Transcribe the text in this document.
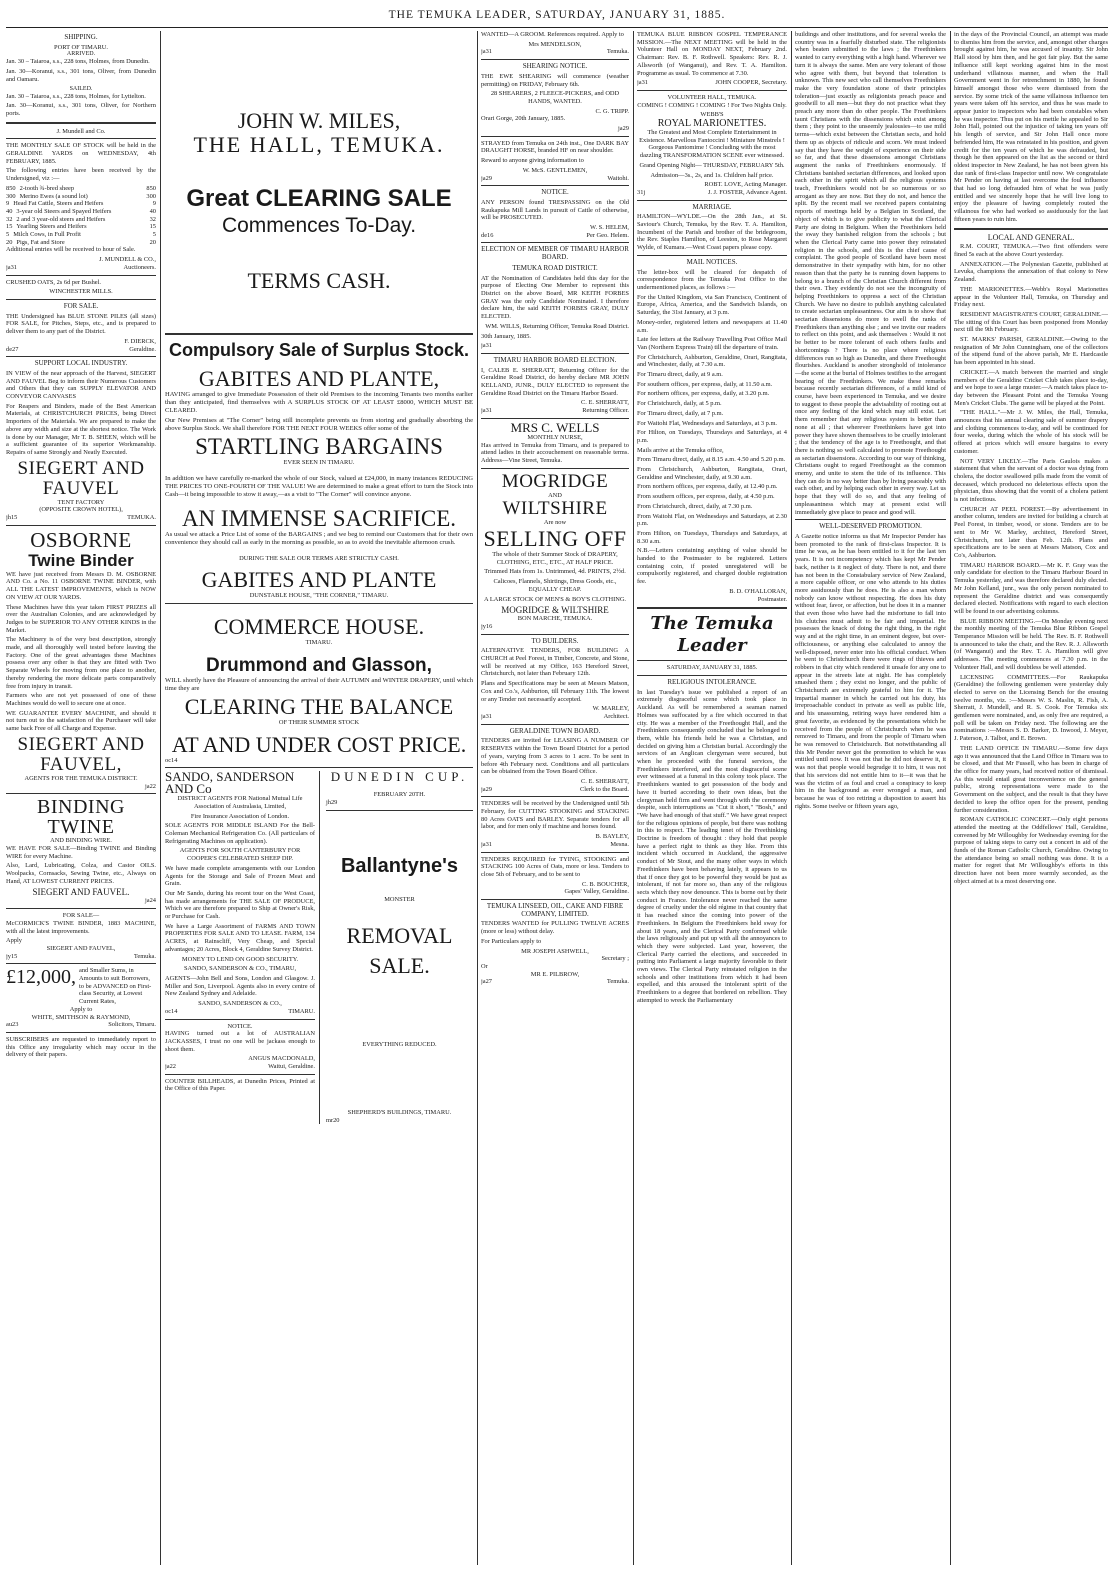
THE TEMUKA LEADER, SATURDAY, JANUARY 31, 1885.
SHIPPING.
PORT OF TIMARU.
ARRIVED.

Jan. 30 – Taiaroa, s.s., 228 tons, Holmes, from Dunedin.

Jan. 30—Koranui, s.s., 301 tons, Oliver, from Dunedin and Oamaru.

SAILED.

Jan. 30 – Taiaroa, s.s., 228 tons, Holmes, for Lyttelton.

Jan. 30—Koranui, s.s., 301 tons, Oliver, for Northern ports.

J. Mundell and Co.

THE MONTHLY SALE OF STOCK will be held in the GERALDINE YARDS on WEDNESDAY, 4th FEBRUARY, 1885.

The following entries have been received by the Undersigned, viz :—

850 2-tooth ¾-bred sheep	850
300 Merino Ewes (a sound lot)	300
9 Head Fat Cattle, Steers and Heifers	9
40 3-year old Steers and Spayed Heifers	40
32 2 and 3 year-old steers and Heifers	32
15 Yearling Steers and Heifers	15
5 Milch Cows, in Full Profit	5
20 Pigs, Fat and Store	20

Additional entries will be received to hour of Sale.

J. MUNDELL & CO.,
ja31	Auctioneers.

CRUSHED OATS, 2s 6d per Bushel.

WINCHESTER MILLS.
FOR SALE.

THE Undersigned has BLUE STONE PILES (all sizes) FOR SALE, for Pitches, Steps, etc., and is prepared to deliver them to any part of the District.

F. DIERCK,
de27	Geraldine.
SUPPORT LOCAL INDUSTRY.

IN VIEW of the near approach of the Harvest, SIEGERT AND FAUVEL Beg to inform their Numerous Customers and Others that they can SUPPLY ELEVATOR AND CONVEYOR CANVASES

For Reapers and Binders, made of the Best American Materials, at CHRISTCHURCH PRICES, being Direct Importers of the Materials. We are prepared to make the above any width and size at the shortest notice. The Work is done by our Manager, Mr T. B. SHEEN, which will be a sufficient guarantee of its superior Workmanship. Repairs of same Strongly and Neatly Executed.

SIEGERT AND FAUVEL
TENT FACTORY
(OPPOSITE CROWN HOTEL),
jh15	TEMUKA.
OSBORNE
Twine Binder

WE have just received from Messrs D. M. OSBORNE AND Co. a No. 11 OSBORNE TWINE BINDER, with ALL THE LATEST IMPROVEMENTS, which is NOW ON VIEW AT OUR YARDS.

These Machines have this year taken FIRST PRIZES all over the Australian Colonies, and are acknowledged by Judges to be SUPERIOR TO ANY OTHER KINDS in the Market.

The Machinery is of the very best description, strongly made, and all thoroughly well tested before leaving the Factory. One of the great advantages these Machines possess over any other is that they are fitted with Two Separate Wheels for moving from one place to another, thereby rendering the more delicate parts comparatively free from injury in transit.

Farmers who are not yet possessed of one of these Machines would do well to secure one at once.

WE GUARANTEE EVERY MACHINE, and should it not turn out to the satisfaction of the Purchaser will take same back Free of all Charge and Expense.

SIEGERT AND FAUVEL,
AGENTS FOR THE TEMUKA DISTRICT.
ja22
BINDING TWINE
AND BINDING WIRE.

WE HAVE FOR SALE—Binding TWINE and Binding WIRE for every Machine.

Also, Lard, Lubricating, Colza, and Castor OILS. Woolpacks, Cornsacks, Sewing Twine, etc., Always on Hand, AT LOWEST CURRENT PRICES.

SIEGERT AND FAUVEL.
ja24
FOR SALE—

McCORMICK'S TWINE BINDER, 1883 MACHINE, with all the latest improvements.

Apply
SIEGERT AND FAUVEL,
jy15	Temuka.
£12,000, and Smaller Sums, in Amounts to suit Borrowers, to be ADVANCED on First-class Security, at Lowest Current Rates,
Apply to
WHITE, SMITHSON & RAYMOND,
au23	Solicitors, Timaru.

SUBSCRIBERS are requested to immediately report to this Office any irregularity which may occur in the delivery of their papers.

JOHN W. MILES,
THE HALL, TEMUKA.
Great CLEARING SALE
Commences To-Day.
TERMS CASH.
Compulsory Sale of Surplus Stock.
GABITES AND PLANTE,

HAVING arranged to give Immediate Possession of their old Premises to the incoming Tenants two months earlier than they anticipated, find themselves with A SURPLUS STOCK OF AT LEAST £8000, WHICH MUST BE CLEARED.

Our New Premises at "The Corner" being still incomplete prevents us from storing and gradually absorbing the above Surplus Stock. We shall therefore FOR THE NEXT FOUR WEEKS offer some of the

STARTLING BARGAINS
EVER SEEN IN TIMARU.

In addition we have carefully re-marked the whole of our Stock, valued at £24,000, in many instances REDUCING THE PRICES TO ONE-FOURTH OF THE VALUE! We are determined to make a great effort to turn the Stock into Cash—it being impossible to stow it away,—as a visit to "The Corner" will convince anyone.

AN IMMENSE SACRIFICE.

As usual we attack a Price List of some of the BARGAINS ; and we beg to remind our Customers that for their own convenience they should call as early in the morning as possible, so as to avoid the inevitable afternoon crush.

DURING THE SALE OUR TERMS ARE STRICTLY CASH.
GABITES AND PLANTE
DUNSTABLE HOUSE, "THE CORNER," TIMARU.
COMMERCE HOUSE.
TIMARU.
Drummond and Glasson,

WILL shortly have the Pleasure of announcing the arrival of their AUTUMN and WINTER DRAPERY, until which time they are

CLEARING THE BALANCE
OF THEIR SUMMER STOCK
AT AND UNDER COST PRICE.
oc14
SANDO, SANDERSON AND Co

DISTRICT AGENTS FOR National Mutual Life Association of Australasia, Limited,

Fire Insurance Association of London.

SOLE AGENTS FOR MIDDLE ISLAND For the Bell-Coleman Mechanical Refrigeration Co. (All particulars of Refrigerating Machines on application).

AGENTS FOR SOUTH CANTERBURY FOR COOPER'S CELEBRATED SHEEP DIP.

We have made complete arrangements with our London Agents for the Storage and Sale of Frozen Meat and Grain.

Our Mr Sando, during his recent tour on the West Coast, has made arrangements for THE SALE OF PRODUCE, Which we are therefore prepared to Ship at Owner's Risk, or Purchase for Cash.

We have a Large Assortment of FARMS AND TOWN PROPERTIES FOR SALE AND TO LEASE. FARM, 134 ACRES, at Rainscliff, Very Cheap, and Special advantages; 20 Acres, Block 4, Geraldine Survey District.

MONEY TO LEND ON GOOD SECURITY.

SANDO, SANDERSON & CO., TIMARU,

AGENTS—John Bell and Sons, London and Glasgow. J. Miller and Son, Liverpool. Agents also in every centre of New Zealand Sydney and Adelaide.

SANDO, SANDERSON & CO.,
oc14	TIMARU.
NOTICE.

HAVING turned out a lot of AUSTRALIAN JACKASSES, I trust no one will be jackass enough to shoot them.

ANGUS MACDONALD,
ja22	Waitui, Geraldine.

COUNTER BILLHEADS, at Dunedin Prices, Printed at the Office of this Paper.

DUNEDIN CUP.
FEBRUARY 20TH.
jh29
Ballantyne's
MONSTER
REMOVAL SALE.
EVERYTHING REDUCED.
SHEPHERD'S BUILDINGS, TIMARU.
mr20

WANTED—A GROOM. References required. Apply to

Mrs MENDELSON,
ja31	Temuka.
SHEARING NOTICE.

THE EWE SHEARING will commence (weather permitting) on FRIDAY, February 6th.

28 SHEARERS, 2 FLEECE-PICKERS, and ODD HANDS, WANTED.

C. G. TRIPP.

Orari Gorge, 20th January, 1885.

ja29

STRAYED from Temuka on 24th inst., One DARK BAY DRAUGHT HORSE, branded HF on near shoulder.

Reward to anyone giving information to

W. McS. GENTLEMEN,
ja29	Waitohi.
NOTICE.

ANY PERSON found TRESPASSING on the Old Raukapuka Mill Lands in pursuit of Cattle of otherwise, will be PROSECUTED.

W. S. HELEM,
de16	Per Geo. Helem.
ELECTION OF MEMBER OF TIMARU HARBOR BOARD.
TEMUKA ROAD DISTRICT.

AT the Nomination of Candidates held this day for the purpose of Electing One Member to represent this District on the above Board, MR KEITH FORBES GRAY was the only Candidate Nominated. I therefore declare him, the said KEITH FORBES GRAY, DULY ELECTED.

WM. WILLS, Returning Officer, Temuka Road District.

30th January, 1885.

ja31
TIMARU HARBOR BOARD ELECTION.

I, CALEB E. SHERRATT, Returning Officer for the Geraldine Road District, do hereby declare MR JOHN KELLAND, JUNR., DULY ELECTED to represent the Geraldine Road District on the Timaru Harbor Board.

C. E. SHERRATT,
ja31	Returning Officer.
MRS C. WELLS
MONTHLY NURSE,

Has arrived in Temuka from Timaru, and is prepared to attend ladies in their accouchement on reasonable terms. Address—Vine Street, Temuka.

MOGRIDGE
AND
WILTSHIRE
Are now
SELLING OFF

The whole of their Summer Stock of DRAPERY, CLOTHING, ETC., ETC., AT HALF PRICE.

Trimmed Hats from 1s. Untrimmed, 4d. PRINTS, 2½d.

Calicoes, Flannels, Shirtings, Dress Goods, etc., EQUALLY CHEAP.

A LARGE STOCK OF MEN'S & BOY'S CLOTHING.

MOGRIDGE & WILTSHIRE
BON MARCHE, TEMUKA.
jy16
TO BUILDERS.

ALTERNATIVE TENDERS, FOR BUILDING A CHURCH at Peel Forest, in Timber, Concrete, and Stone, will be received at my Office, 163 Hereford Street, Christchurch, not later than February 12th.

Plans and Specifications may be seen at Messrs Matson, Cox and Co.'s, Ashburton, till February 11th. The lowest or any Tender not necessarily accepted.

W. MARLEY,
ja31	Architect.
GERALDINE TOWN BOARD.

TENDERS are invited for LEASING A NUMBER OF RESERVES within the Town Board District for a period of years, varying from 3 acres to 1 acre. To be sent in before 4th February next. Conditions and all particulars can be obtained from the Town Board Office.

C. E. SHERRATT,
ja29	Clerk to the Board.

TENDERS will be received by the Undersigned until 5th February, for CUTTING STOOKING and STACKING 80 Acres OATS and BARLEY. Separate tenders for all labor, and for men only if machine and horses found.

B. BAYLEY,
ja31	Mesna.

TENDERS REQUIRED for TYING, STOOKING and STACKING 100 Acres of Oats, more or less. Tenders to close 5th of February, and to be sent to

C. B. BOUCHER,
Gapes' Valley, Geraldine.
TEMUKA LINSEED, OIL, CAKE AND FIBRE COMPANY, LIMITED.

TENDERS WANTED for PULLING TWELVE ACRES (more or less) without delay.

For Particulars apply to

MR JOSEPH ASHWELL,
Secretary ;
Or
MR E. PILBROW,
ja27	Temuka.

TEMUKA BLUE RIBBON GOSPEL TEMPERANCE MISSION.—The NEXT MEETING will be held in the Volunteer Hall on MONDAY NEXT, February 2nd. Chairman: Rev. B. F. Rothwell. Speakers: Rev. R. J. Allsworth (of Wanganui), and Rev. T. A. Hamilton. Programme as usual. To commence at 7.30.

ja31	JOHN COOPER, Secretary.
VOLUNTEER HALL, TEMUKA.

COMING ! COMING ! COMING ! For Two Nights Only.

WEBB'S
ROYAL MARIONETTES.

The Greatest and Most Complete Entertainment in Existence. Marvellous Fantoccini ! Miniature Minstrels ! Gorgeous Pantomime ! Concluding with the most dazzling TRANSFORMATION SCENE ever witnessed.

Grand Opening Night— THURSDAY, FEBRUARY 5th.

Admission—3s., 2s, and 1s. Children half price.

ROBT. LOVE, Acting Manager.
31j	J. J. FOSTER, Advance Agent.
MARRIAGE.

HAMILTON—WYLDE.—On the 28th Jan., at St. Saviour's Church, Temuka, by the Rev. T. A. Hamilton, Incumbent of the Parish and brother of the bridegroom, the Rev. Staples Hamilton, of Leeston, to Rose Margaret Wylde, of Kumara.—West Coast papers please copy.

MAIL NOTICES.

The letter-box will be cleared for despatch of correspondence from the Temuka Post Office to the undermentioned places, as follows :—

For the United Kingdom, via San Francisco, Continent of Europe, Africa, America, and the Sandwich Islands, on Saturday, the 31st January, at 3 p.m.

Money-order, registered letters and newspapers at 11.40 a.m.

Late fee letters at the Railway Travelling Post Office Mail Van (Northern Express Train) till the departure of train.

For Christchurch, Ashburton, Geraldine, Orari, Rangitata, and Winchester, daily, at 7.30 a.m.

For Timaru direct, daily, at 9 a.m.

For southern offices, per express, daily, at 11.50 a.m.

For northern offices, per express, daily, at 3.20 p.m.

For Christchurch, daily, at 5 p.m.

For Timaru direct, daily, at 7 p.m.

For Waitohi Flat, Wednesdays and Saturdays, at 3 p.m.

For Hilton, on Tuesdays, Thursdays and Saturdays, at 4 p.m.

Mails arrive at the Temuka office,

From Timaru direct, daily, at 8.15 a.m. 4.50 and 5.20 p.m.

From Christchurch, Ashburton, Rangitata, Orari, Geraldine and Winchester, daily, at 9.30 a.m.

From northern offices, per express, daily, at 12.40 p.m.

From southern offices, per express, daily, at 4.50 p.m.

From Christchurch, direct, daily, at 7.30 p.m.

From Waitohi Flat, on Wednesdays and Saturdays, at 2.30 p.m.

From Hilton, on Tuesdays, Thursdays and Saturdays, at 8.30 a.m.

N.B.—Letters containing anything of value should be handed to the Postmaster to be registered. Letters containing coin, if posted unregistered will be compulsorily registered, and charged double registration fee.

B. D. O'HALLORAN,
Postmaster.
The Temuka Leader
SATURDAY, JANUARY 31, 1885.
RELIGIOUS INTOLERANCE.

In last Tuesday's issue we published a report of an extremely disgraceful scene which took place in Auckland. As will be remembered a seaman named Holmes was suffocated by a fire which occurred in that city. He was a member of the Freethought Hall, and the Freethinkers consequently concluded that he belonged to them, while his friends held he was a Christian, and decided on giving him a Christian burial. Accordingly the services of an Anglican clergyman were secured, but when he proceeded with the funeral services, the Freethinkers interfered, and the most disgraceful scene ever witnessed at a funeral in this colony took place. The Freethinkers wanted to get possession of the body and have it buried according to their own ideas, but the clergyman held firm and went through with the ceremony despite, such interruptions as "Cut it short," "Bosh," and "We have had enough of that stuff." We have great respect for the religious opinions of people, but there was nothing in this to respect. The leading tenet of the Freethinking Doctrine is freedom of thought : they hold that people have a perfect right to think as they like. From this incident which occurred in Auckland, the aggressive conduct of Mr Stout, and the many other ways in which Freethinkers have been behaving lately, it appears to us that if once they got to be powerful they would be just as intolerant, if not far more so, than any of the religious sects which they now denounce. This is borne out by their conduct in France. Intolerance never reached the same degree of cruelty under the old régime in that country that it has reached since the coming into power of the Freethinkers. In Belgium the Freethinkers held sway for about 18 years, and the Clerical Party conformed while the laws religiously and put up with all the annoyances to which they were subjected. Last year, however, the Clerical Party carried the elections, and succeeded in putting into Parliament a large majority favorable to their own views. The Clerical Party reinstated religion in the schools and other institutions from which it had been expelled, and this aroused the intolerant spirit of the Freethinkers to a degree that bordered on rebellion. They attempted to wreck the Parliamentary

buildings and other institutions, and for several weeks the country was in a fearfully disturbed state. The religionists when beaten submitted to the laws ; the Freethinkers wanted to carry everything with a high hand. Wherever we turn it is always the same. Men are very tolerant of those who agree with them, but beyond that toleration is unknown. This new sect who call themselves Freethinkers make the very foundation stone of their principles toleration—just exactly as religionists preach peace and goodwill to all men—but they do not practice what they preach any more than do other people. The Freethinkers taunt Christians with the dissensions which exist among them ; they point to the unseemly jealousies—to use mild terms—which exist between the Christian sects, and hold them up as objects of ridicule and scorn. We must indeed say that they have the weight of experience on their side so far, and that these dissensions amongst Christians augment the ranks of Freethinkers enormously. If Christians banished sectarian differences, and looked upon each other in the spirit which all the religious systems teach, Freethinkers would not be so numerous or so arrogant as they are now. But they do not, and hence the split. By the recent mail we received papers containing reports of meetings held by a Belgian in Scotland, the object of which is to give publicity to what the Clerical Party are doing in Belgium. When the Freethinkers held the sway they banished religion from the schools ; but when the Clerical Party came into power they reinstated religion in the schools, and this is the chief cause of complaint. The good people of Scotland have been most demonstrative in their sympathy with him, for no other reason than that the party he is running down happens to belong to a branch of the Christian Church different from their own. They evidently do not see the incongruity of helping Freethinkers to oppress a sect of the Christian Church. We have no desire to publish anything calculated to create sectarian unpleasantness. Our aim is to show that sectarian dissensions do more to swell the ranks of Freethinkers than anything else ; and we invite our readers to reflect on this point, and ask themselves : Would it not be better to be more tolerant of each others faults and shortcomings ? There is no place where religious differences run so high as Dunedin, and there Freethought flourishes. Auckland is another stronghold of intolerance—the scene at the burial of Holmes testifies to the arrogant bearing of the Freethinkers. We make these remarks because recently sectarian differences, of a mild kind of course, have been experienced in Temuka, and we desire to suggest to these people the advisability of rooting out at once any feeling of the kind which may still exist. Let them remember that any religious system is better than none at all ; that wherever Freethinkers have got into power they have shown themselves to be cruelly intolerant ; that the tendency of the age is to Freethought, and that there is nothing so well calculated to promote Freethought as sectarian dissensions. According to our way of thinking, Christians ought to regard Freethought as the common enemy, and unite to stem the tide of its influence. This they can do in no way better than by living peaceably with each other, and by helping each other in every way. Let us hope that they will do so, and that any feeling of unpleasantness which may at present exist will immediately give place to peace and good will.

WELL-DESERVED PROMOTION.

A Gazette notice informs us that Mr Inspector Pender has been promoted to the rank of first-class Inspector. It is time he was, as he has been entitled to it for the last ten years. It is not incompetency which has kept Mr Pender back, neither is it neglect of duty. There is not, and there has not been in the Constabulary service of New Zealand, a more capable officer, or one who attends to his duties more assiduously than he does. He is also a man whom nobody can know without respecting. He does his duty without fear, favor, or affection, but he does it in a manner that even those who have had the misfortune to fall into his clutches must admit to be fair and impartial. He possesses the knack of doing the right thing, in the right way and at the right time, in an eminent degree, but over-officiousness, or anything else calculated to annoy the well-disposed, never enter into his official conduct. When he went to Christchurch there were rings of thieves and robbers in that city which rendered it unsafe for any one to appear in the streets late at night. He has completely smashed them ; they exist no longer, and the public of Christchurch are extremely grateful to him for it. The impartial manner in which he carried out his duty, his irreproachable conduct in private as well as public life, and his unassuming, retiring ways have rendered him a great favorite, as evidenced by the presentations which he received from the people of Christchurch when he was removed to Timaru, and from the people of Timaru when he was removed to Christchurch. But notwithstanding all this Mr Pender never got the promotion to which he was entitled until now. It was not that he did not deserve it, it was not that people would begrudge it to him, it was not that his services did not entitle him to it—it was that he was the victim of as foul and cruel a conspiracy to keep him in the background as ever wronged a man, and because he was of too retiring a disposition to assert his rights. Some twelve or fifteen years ago,

in the days of the Provincial Council, an attempt was made to dismiss him from the service, and, amongst other charges brought against him, he was accused of insanity. Sir John Hall stood by him then, and he got fair play. But the same influence still kept working against him in the most underhand villainous manner, and when the Hall Government went in for retrenchment in 1880, he found himself amongst those who were dismissed from the service. By some trick of the same villainous influence ten years were taken off his service, and thus he was made to appear junior to inspectors who had been constables when he was inspector. Thus put on his mettle he appealed to Sir John Hall, pointed out the injustice of taking ten years off his length of service, and Sir John Hall once more befriended him, He was reinstated in his position, and given credit for the ten years of which he was defrauded, but though he then appeared on the list as the second or third oldest inspector in New Zealand, he has not been given his due rank of first-class Inspector until now. We congratulate Mr Pender on having at last overcome the foul influence that had so long defrauded him of what he was justly entitled and we sincerely hope that he will live long to enjoy the pleasure of having completely routed the villainous foe who had worked so assiduously for the last fifteen years to ruin him.

LOCAL AND GENERAL.

R.M. COURT, TEMUKA.—Two first offenders were fined 5s each at the above Court yesterday.

ANNEXATION.—The Polynesian Gazette, published at Levuka, champions the annexation of that colony to New Zealand.

THE MARIONETTES.—Webb's Royal Marionettes appear in the Volunteer Hall, Temuka, on Thursday and Friday next.

RESIDENT MAGISTRATE'S COURT, GERALDINE.—The sitting of this Court has been postponed from Monday next till the 9th February.

ST. MARKS' PARISH, GERALDINE.—Owing to the resignation of Mr John Cunningham, one of the collectors of the stipend fund of the above parish, Mr E. Hardcastle has been appointed in his stead.

CRICKET.—A match between the married and single members of the Geraldine Cricket Club takes place to-day, and we hope to see a large muster.—A match takes place to-day between the Pleasant Point and the Temuka Young Men's Cricket Clubs. The game will be played at the Point.

"THE HALL."—Mr J. W. Miles, the Hall, Temuka, announces that his annual clearing sale of summer drapery and clothing commences to-day, and will be continued for four weeks, during which the whole of his stock will be offered at prices which will ensure bargains to every customer.

NOT VERY LIKELY.—The Paris Gaulois makes a statement that when the servant of a doctor was dying from cholera, the doctor swallowed pills made from the vomit of deceased, which produced no deleterious effects upon the physician, thus showing that the vomit of a cholera patient is not infectious.

CHURCH AT PEEL FOREST.—By advertisement in another column, tenders are invited for building a church at Peel Forest, in timber, wood, or stone. Tenders are to be sent to Mr W. Marley, architect, Hereford Street, Christchurch, not later than Feb. 12th. Plans and specifications are to be seen at Messrs Matson, Cox and Co's, Ashburton.

TIMARU HARBOR BOARD.—Mr K. F. Gray was the only candidate for election to the Timaru Harbour Board in Temuka yesterday, and was therefore declared duly elected. Mr John Kelland, junr., was the only person nominated to represent the Geraldine district and was consequently declared elected. Notifications with regard to each election will be found in our advertising columns.

BLUE RIBBON MEETING.—On Monday evening next the monthly meeting of the Temuka Blue Ribbon Gospel Temperance Mission will be held. The Rev. B. F. Rothwell is announced to take the chair, and the Rev. R. J. Allsworth (of Wanganui) and the Rev. T. A. Hamilton will give addresses. The meeting commences at 7.30 p.m. in the Volunteer Hall, and will doubtless be well attended.

LICENSING COMMITTEES.—For Raukapuka (Geraldine) the following gentlemen were yesterday duly elected to serve on the Licensing Bench for the ensuing twelve months, viz. :—Messrs W. S. Maslin, R. Fish, A. Sherratt, J. Mundell, and R. S. Cook. For Temuka six gentlemen were nominated, and, as only five are required, a poll will be taken on Friday next. The following are the nominations :—Messrs S. D. Barker, D. Inwood, J. Meyer, J. Paterson, J. Talbot, and E. Brown.

THE LAND OFFICE IN TIMARU.—Some few days ago it was announced that the Land Office in Timaru was to be closed, and that Mr Fussell, who has been in charge of the office for many years, had received notice of dismissal. As this would entail great inconvenience on the general public, strong representations were made to the Government on the subject, and the result is that they have decided to keep the office open for the present, pending further consideration.

ROMAN CATHOLIC CONCERT.—Only eight persons attended the meeting at the Oddfellows' Hall, Geraldine, convened by Mr Willoughby for Wednesday evening for the purpose of taking steps to carry out a concert in aid of the funds of the Roman Catholic Church, Geraldine. Owing to the attendance being so small nothing was done. It is a matter for regret that Mr Willoughby's efforts in this direction have not been more warmly seconded, as the object aimed at is a most deserving one.
